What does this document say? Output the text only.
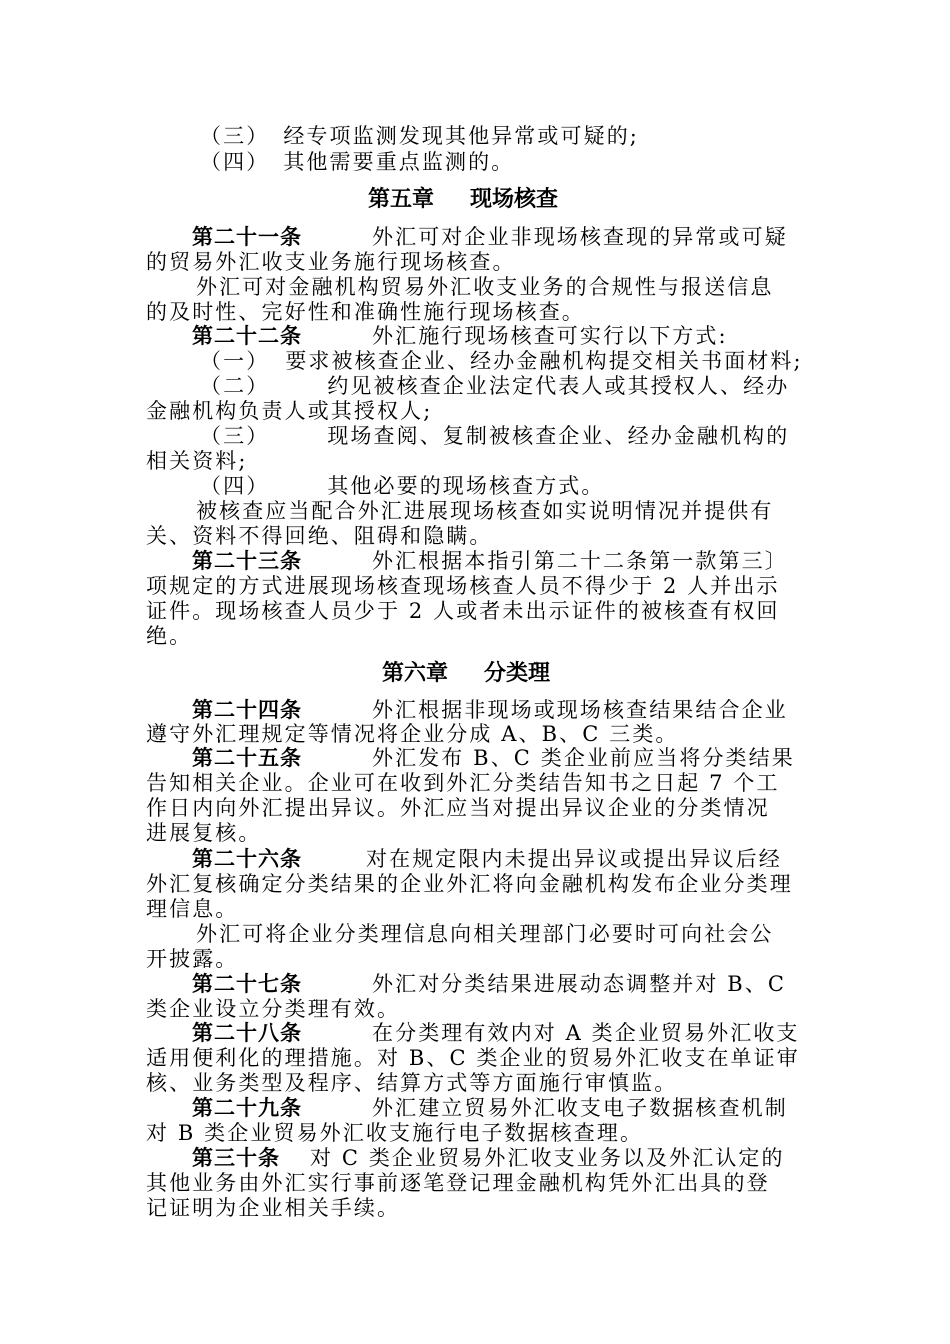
（三） 经专项监测发现其他异常或可疑的;
（四） 其他需要重点监测的。
第五章 现场核查
第二十一条	外汇可对企业非现场核查现的异常或可疑
的贸易外汇收支业务施行现场核查。
外汇可对金融机构贸易外汇收支业务的合规性与报送信息
的及时性、完好性和准确性施行现场核查。
第二十二条	外汇施行现场核查可实行以下方式:
（一） 要求被核查企业、经办金融机构提交相关书面材料;
（二）	约见被核查企业法定代表人或其授权人、经办
金融机构负责人或其授权人;
（三）	现场查阅、复制被核查企业、经办金融机构的
相关资料;
（四）	其他必要的现场核查方式。
被核查应当配合外汇进展现场核查如实说明情况并提供有
关、资料不得回绝、阻碍和隐瞒。
第二十三条	外汇根据本指引第二十二条第一款第三〕
项规定的方式进展现场核查现场核查人员不得少于 2 人并出示
证件。现场核查人员少于 2 人或者未出示证件的被核查有权回
绝。
第六章 分类理
第二十四条	外汇根据非现场或现场核查结果结合企业
遵守外汇理规定等情况将企业分成 A、B、C 三类。
第二十五条	外汇发布 B、C 类企业前应当将分类结果
告知相关企业。企业可在收到外汇分类结告知书之日起 7 个工
作日内向外汇提出异议。外汇应当对提出异议企业的分类情况
进展复核。
第二十六条	对在规定限内未提出异议或提出异议后经
外汇复核确定分类结果的企业外汇将向金融机构发布企业分类理
理信息。
外汇可将企业分类理信息向相关理部门必要时可向社会公
开披露。
第二十七条	外汇对分类结果进展动态调整并对 B、C
类企业设立分类理有效。
第二十八条	在分类理有效内对 A 类企业贸易外汇收支
适用便利化的理措施。对 B、C 类企业的贸易外汇收支在单证审
核、业务类型及程序、结算方式等方面施行审慎监。
第二十九条	外汇建立贸易外汇收支电子数据核查机制
对 B 类企业贸易外汇收支施行电子数据核查理。
第三十条 对 C 类企业贸易外汇收支业务以及外汇认定的
其他业务由外汇实行事前逐笔登记理金融机构凭外汇出具的登
记证明为企业相关手续。
